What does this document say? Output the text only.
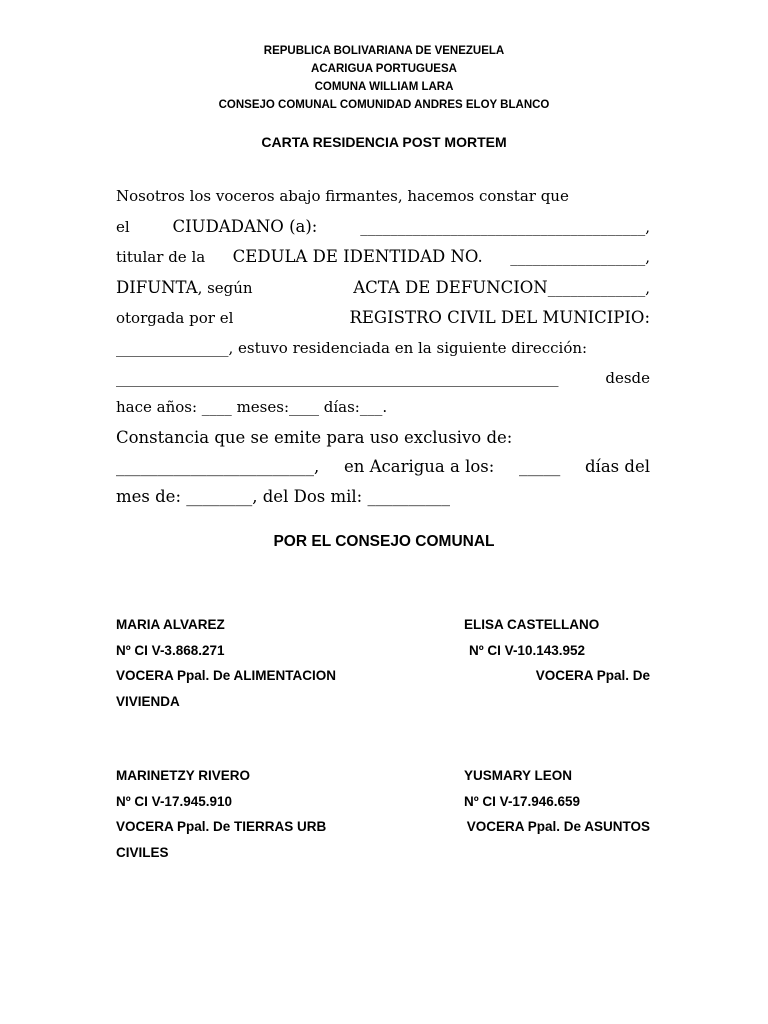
REPUBLICA BOLIVARIANA DE VENEZUELA
ACARIGUA PORTUGUESA
COMUNA WILLIAM LARA
CONSEJO COMUNAL COMUNIDAD ANDRES ELOY BLANCO
CARTA RESIDENCIA POST MORTEM
Nosotros los voceros abajo firmantes, hacemos constar que
el	CIUDADANO (a):	______________________________________,
titular de la CEDULA DE IDENTIDAD NO. __________________,
DIFUNTA, según	ACTA DE DEFUNCION_____________,
otorgada por el	REGISTRO CIVIL DEL MUNICIPIO:
_______________, estuvo residenciada en la siguiente dirección:
___________________________________________________________	desde
hace años: ____ meses:____ días:___.
Constancia que se emite para uso exclusivo de:
________________________, en Acarigua a los: _____ días del
mes de: ________, del Dos mil: __________
POR EL CONSEJO COMUNAL
MARIA ALVAREZ
Nº CI V-3.868.271
VOCERA Ppal. De ALIMENTACION
VIVIENDA
ELISA CASTELLANO
Nº CI V-10.143.952
VOCERA Ppal. De
MARINETZY RIVERO
Nº CI V-17.945.910
VOCERA Ppal. De TIERRAS URB
CIVILES
YUSMARY LEON
Nº CI V-17.946.659
VOCERA Ppal. De ASUNTOS
